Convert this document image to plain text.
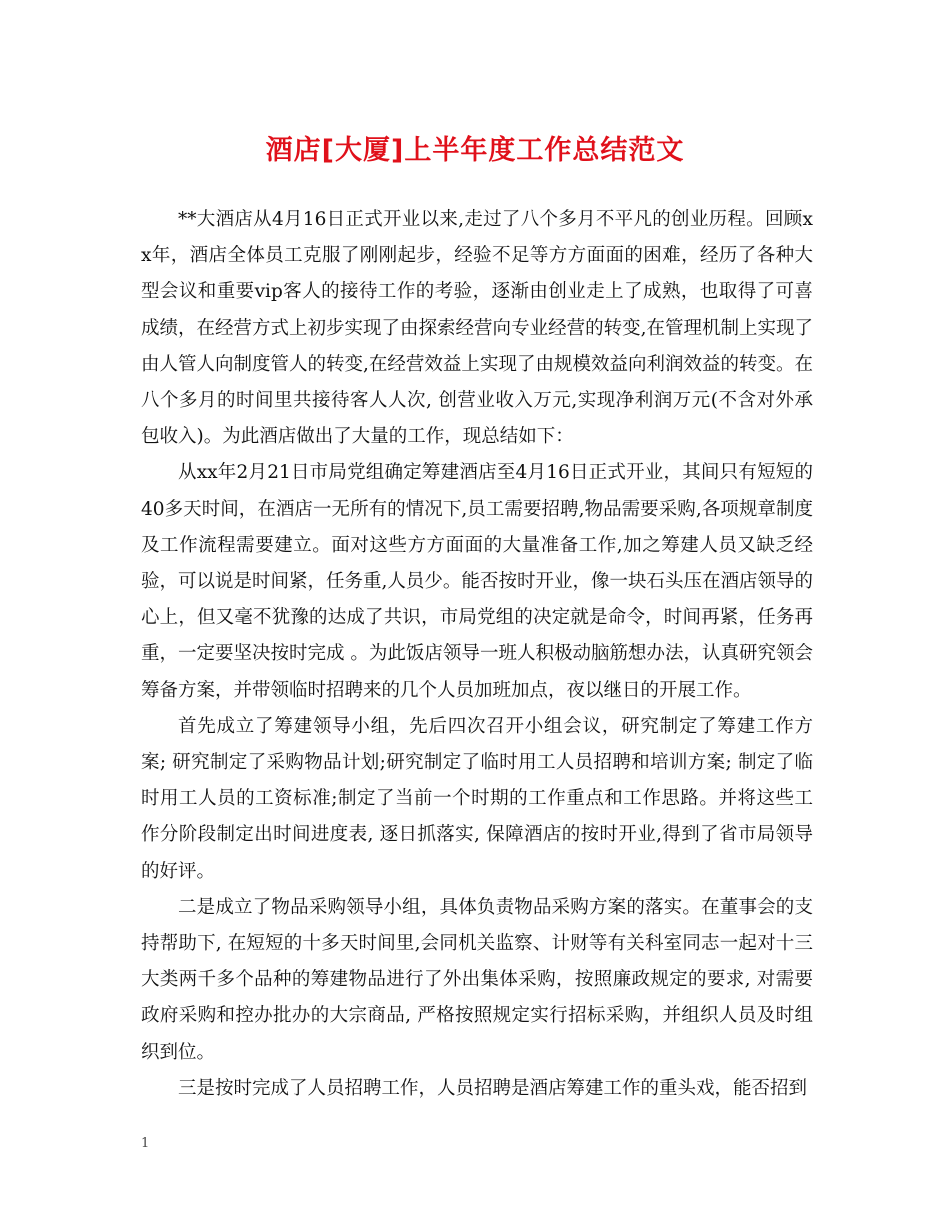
酒店[大厦]上半年度工作总结范文

**大酒店从4月16日正式开业以来,走过了八个多月不平凡的创业历程。回顾xx年，酒店全体员工克服了刚刚起步，经验不足等方方面面的困难，经历了各种大型会议和重要vip客人的接待工作的考验，逐渐由创业走上了成熟，也取得了可喜成绩，在经营方式上初步实现了由探索经营向专业经营的转变,在管理机制上实现了由人管人向制度管人的转变,在经营效益上实现了由规模效益向利润效益的转变。在八个多月的时间里共接待客人人次, 创营业收入万元,实现净利润万元(不含对外承包收入)。为此酒店做出了大量的工作，现总结如下：

从xx年2月21日市局党组确定筹建酒店至4月16日正式开业，其间只有短短的40多天时间，在酒店一无所有的情况下,员工需要招聘,物品需要采购,各项规章制度及工作流程需要建立。面对这些方方面面的大量准备工作,加之筹建人员又缺乏经验，可以说是时间紧，任务重,人员少。能否按时开业，像一块石头压在酒店领导的心上，但又毫不犹豫的达成了共识，市局党组的决定就是命令，时间再紧，任务再重，一定要坚决按时完成 。为此饭店领导一班人积极动脑筋想办法，认真研究领会筹备方案，并带领临时招聘来的几个人员加班加点，夜以继日的开展工作。

首先成立了筹建领导小组，先后四次召开小组会议，研究制定了筹建工作方案; 研究制定了采购物品计划;研究制定了临时用工人员招聘和培训方案; 制定了临时用工人员的工资标准;制定了当前一个时期的工作重点和工作思路。并将这些工作分阶段制定出时间进度表, 逐日抓落实, 保障酒店的按时开业,得到了省市局领导的好评。

二是成立了物品采购领导小组，具体负责物品采购方案的落实。在董事会的支持帮助下, 在短短的十多天时间里,会同机关监察、计财等有关科室同志一起对十三大类两千多个品种的筹建物品进行了外出集体采购，按照廉政规定的要求, 对需要政府采购和控办批办的大宗商品, 严格按照规定实行招标采购，并组织人员及时组织到位。

三是按时完成了人员招聘工作，人员招聘是酒店筹建工作的重头戏，能否招到

1
